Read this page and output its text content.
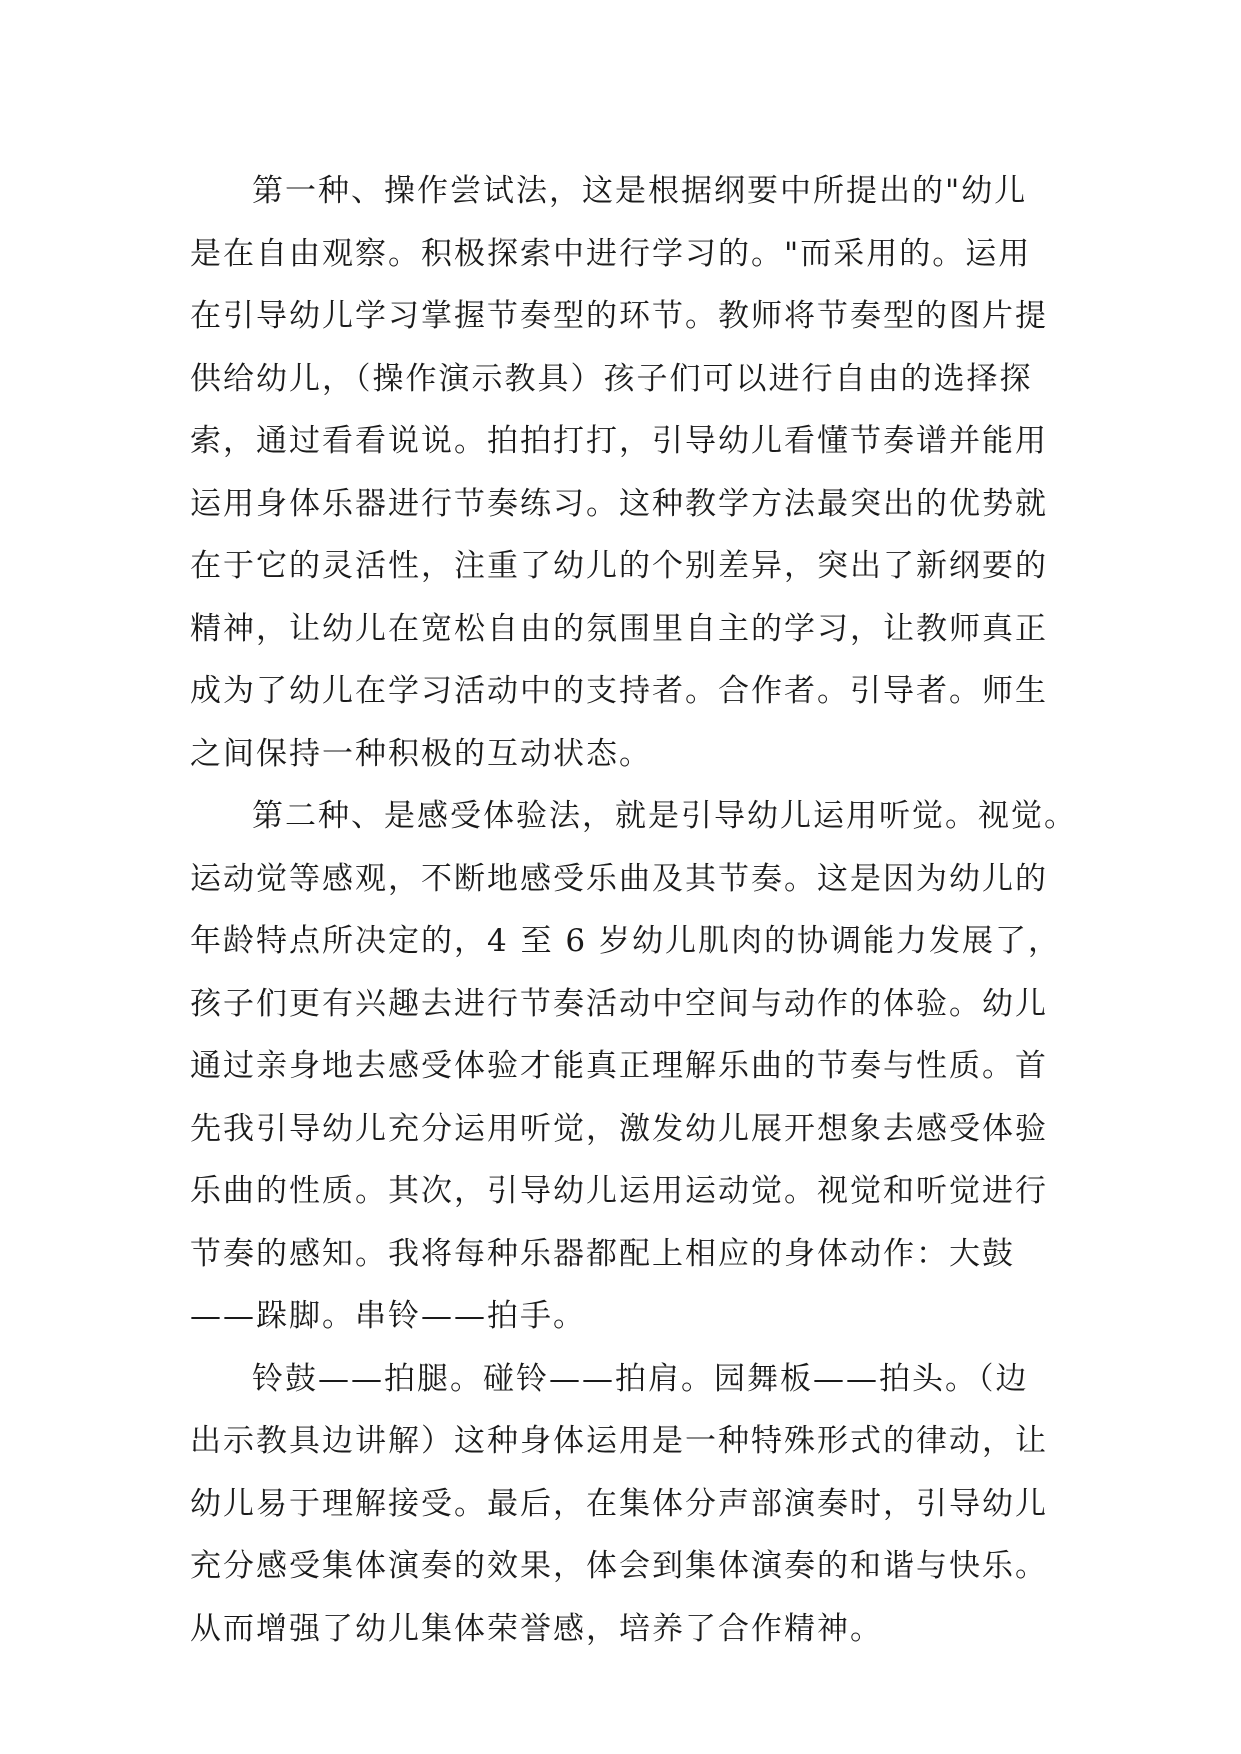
第一种、操作尝试法，这是根据纲要中所提出的"幼儿
是在自由观察。积极探索中进行学习的。"而采用的。运用
在引导幼儿学习掌握节奏型的环节。教师将节奏型的图片提
供给幼儿，（操作演示教具）孩子们可以进行自由的选择探
索，通过看看说说。拍拍打打，引导幼儿看懂节奏谱并能用
运用身体乐器进行节奏练习。这种教学方法最突出的优势就
在于它的灵活性，注重了幼儿的个别差异，突出了新纲要的
精神，让幼儿在宽松自由的氛围里自主的学习，让教师真正
成为了幼儿在学习活动中的支持者。合作者。引导者。师生
之间保持一种积极的互动状态。
第二种、是感受体验法，就是引导幼儿运用听觉。视觉。
运动觉等感观，不断地感受乐曲及其节奏。这是因为幼儿的
年龄特点所决定的，4 至 6 岁幼儿肌肉的协调能力发展了，
孩子们更有兴趣去进行节奏活动中空间与动作的体验。幼儿
通过亲身地去感受体验才能真正理解乐曲的节奏与性质。首
先我引导幼儿充分运用听觉，激发幼儿展开想象去感受体验
乐曲的性质。其次，引导幼儿运用运动觉。视觉和听觉进行
节奏的感知。我将每种乐器都配上相应的身体动作：大鼓
——跺脚。串铃——拍手。
铃鼓——拍腿。碰铃——拍肩。园舞板——拍头。（边
出示教具边讲解）这种身体运用是一种特殊形式的律动，让
幼儿易于理解接受。最后，在集体分声部演奏时，引导幼儿
充分感受集体演奏的效果，体会到集体演奏的和谐与快乐。
从而增强了幼儿集体荣誉感，培养了合作精神。
